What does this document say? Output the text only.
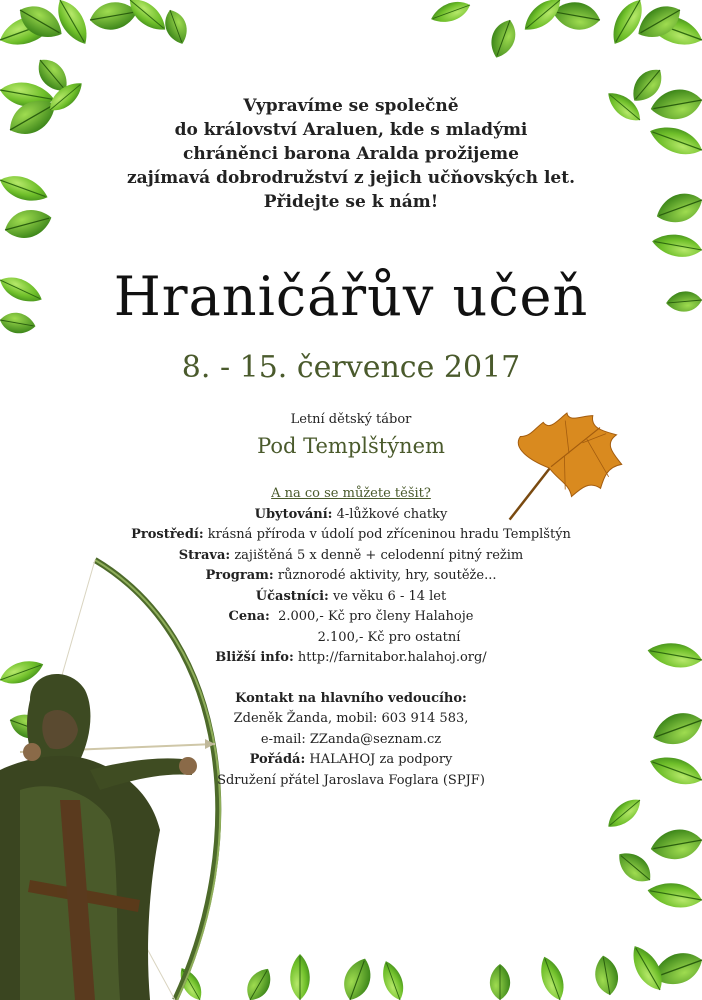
Vypravíme se společně
do království Araluen, kde s mladými
chráněnci barona Aralda prožijeme
zajímavá dobrodružství z jejich učňovských let.
Přidejte se k nám!
Hraničářův učeň
8. - 15. července 2017
Letní dětský tábor
Pod Templštýnem
A na co se můžete těšit?
Ubytování: 4-lůžkové chatky
Prostředí: krásná příroda v údolí pod zříceninou hradu Templštýn
Strava: zajištěná 5 x denně + celodenní pitný režim
Program: různorodé aktivity, hry, soutěže...
Účastníci: ve věku 6 - 14 let
Cena: 2.000,- Kč pro členy Halahoje
2.100,- Kč pro ostatní
Bližší info: http://farnitabor.halahoj.org/
Kontakt na hlavního vedoucího:
Zdeněk Žanda, mobil: 603 914 583,
e-mail: ZZanda@seznam.cz
Pořádá: HALAHOJ za podpory
Sdružení přátel Jaroslava Foglara (SPJF)
